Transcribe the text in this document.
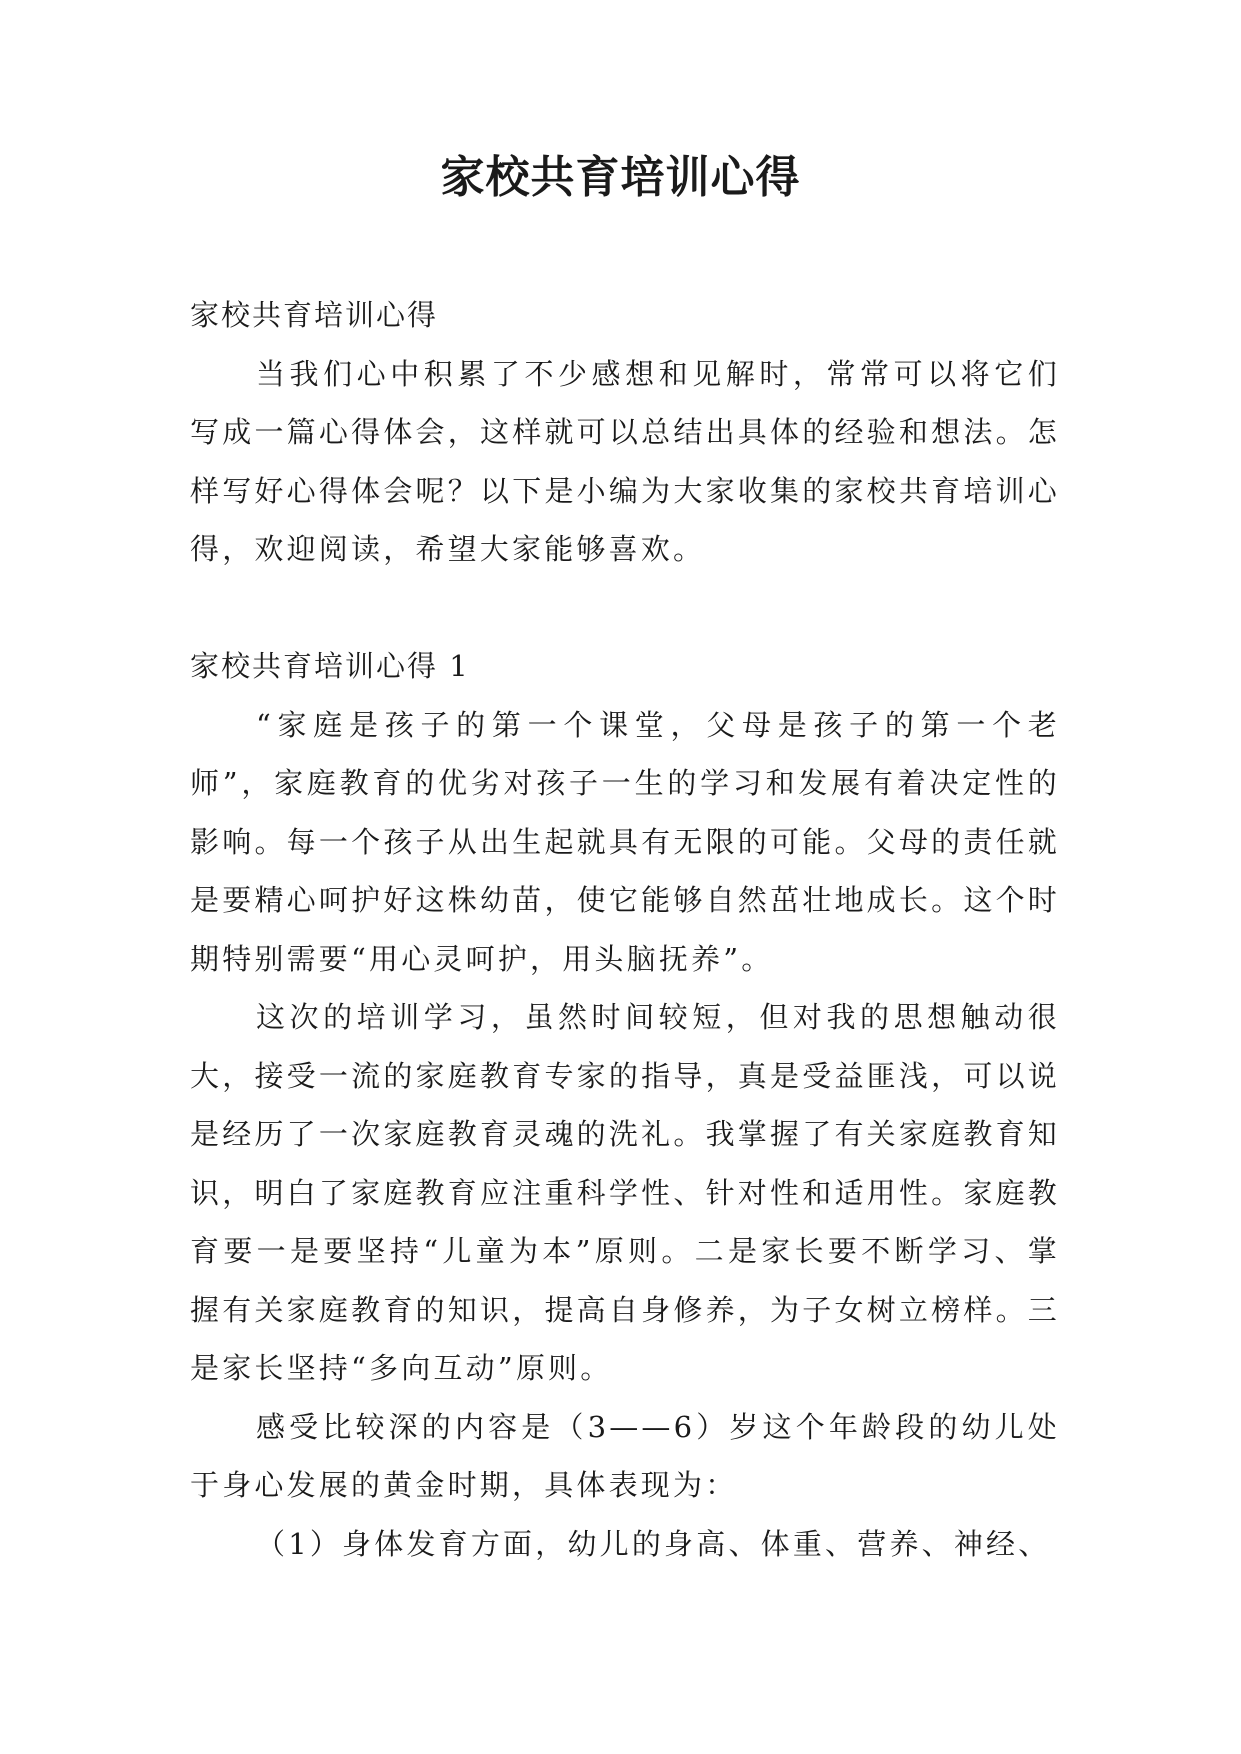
家校共育培训心得

家校共育培训心得

当我们心中积累了不少感想和见解时，常常可以将它们写成一篇心得体会，这样就可以总结出具体的经验和想法。怎样写好心得体会呢？以下是小编为大家收集的家校共育培训心得，欢迎阅读，希望大家能够喜欢。

家校共育培训心得 1

“家庭是孩子的第一个课堂，父母是孩子的第一个老师”，家庭教育的优劣对孩子一生的学习和发展有着决定性的影响。每一个孩子从出生起就具有无限的可能。父母的责任就是要精心呵护好这株幼苗，使它能够自然茁壮地成长。这个时期特别需要“用心灵呵护，用头脑抚养”。

这次的培训学习，虽然时间较短，但对我的思想触动很大，接受一流的家庭教育专家的指导，真是受益匪浅，可以说是经历了一次家庭教育灵魂的洗礼。我掌握了有关家庭教育知识，明白了家庭教育应注重科学性、针对性和适用性。家庭教育要一是要坚持“儿童为本”原则。二是家长要不断学习、掌握有关家庭教育的知识，提高自身修养，为子女树立榜样。三是家长坚持“多向互动”原则。

感受比较深的内容是（3——6）岁这个年龄段的幼儿处于身心发展的黄金时期，具体表现为：

（1）身体发育方面，幼儿的身高、体重、营养、神经、
